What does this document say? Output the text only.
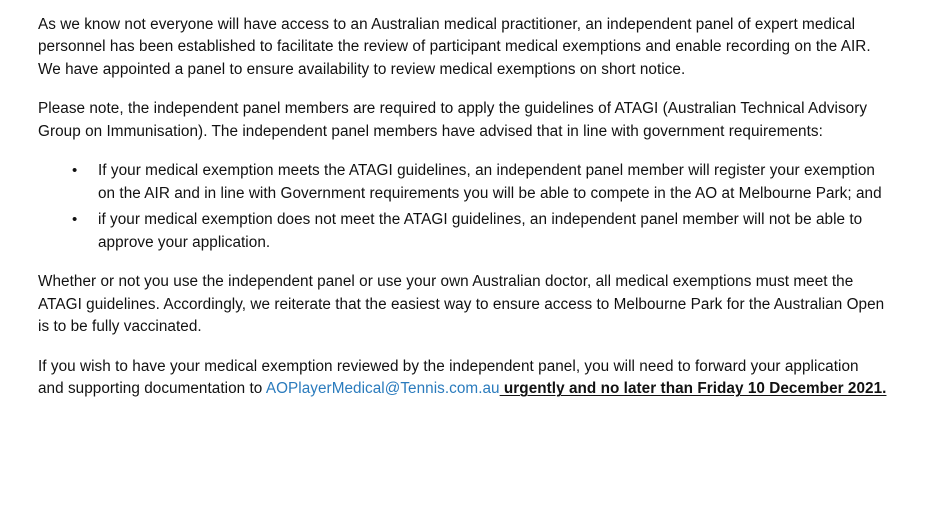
As we know not everyone will have access to an Australian medical practitioner, an independent panel of expert medical personnel has been established to facilitate the review of participant medical exemptions and enable recording on the AIR. We have appointed a panel to ensure availability to review medical exemptions on short notice.

Please note, the independent panel members are required to apply the guidelines of ATAGI (Australian Technical Advisory Group on Immunisation). The independent panel members have advised that in line with government requirements:

• If your medical exemption meets the ATAGI guidelines, an independent panel member will register your exemption on the AIR and in line with Government requirements you will be able to compete in the AO at Melbourne Park; and
• if your medical exemption does not meet the ATAGI guidelines, an independent panel member will not be able to approve your application.

Whether or not you use the independent panel or use your own Australian doctor, all medical exemptions must meet the ATAGI guidelines. Accordingly, we reiterate that the easiest way to ensure access to Melbourne Park for the Australian Open is to be fully vaccinated.

If you wish to have your medical exemption reviewed by the independent panel, you will need to forward your application and supporting documentation to AOPlayerMedical@Tennis.com.au urgently and no later than Friday 10 December 2021.
